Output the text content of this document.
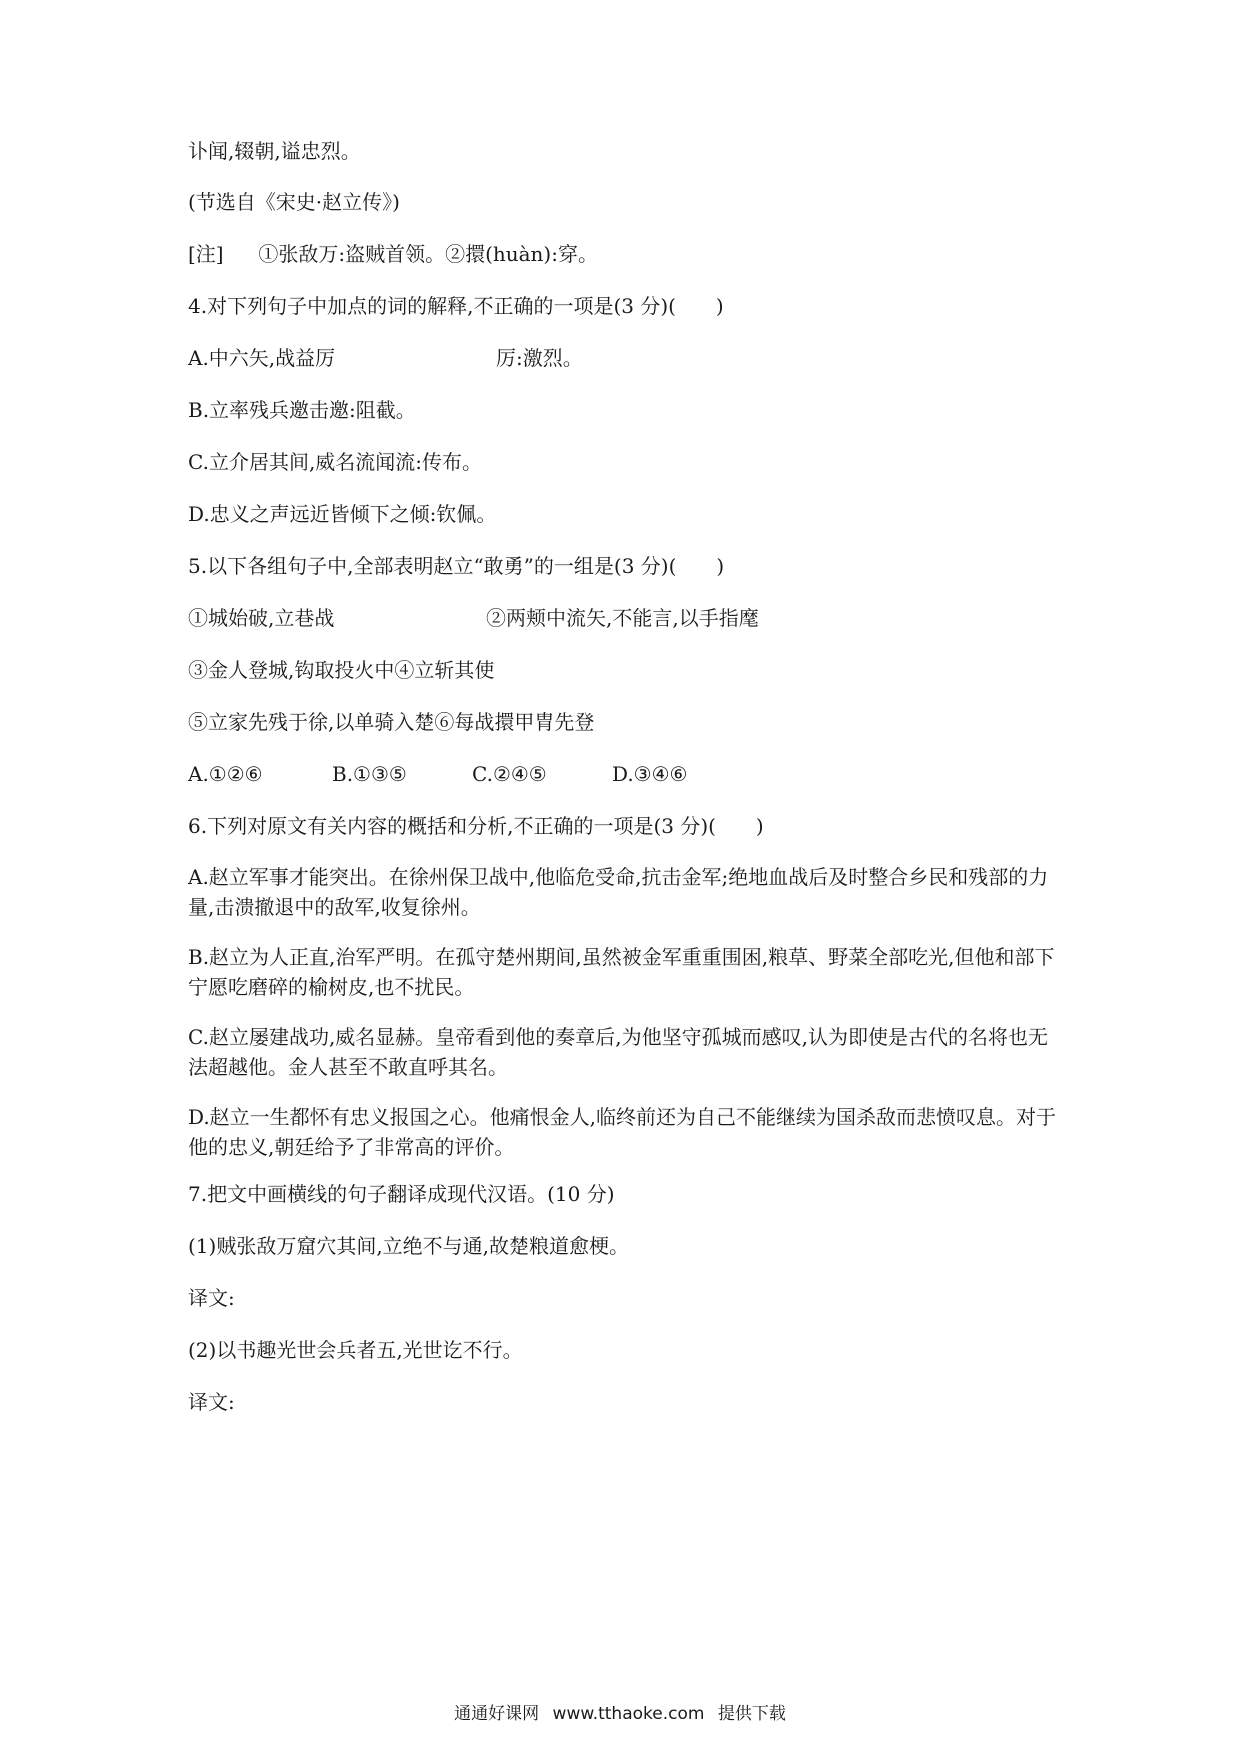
讣闻,辍朝,谥忠烈。
(节选自《宋史·赵立传》)
[注] ①张敌万:盗贼首领。②擐(huàn):穿。
4.对下列句子中加点的词的解释,不正确的一项是(3 分)(　　)
A.中六矢,战益厉	厉:激烈。
B.立率残兵邀击邀:阻截。
C.立介居其间,威名流闻流:传布。
D.忠义之声远近皆倾下之倾:钦佩。
5.以下各组句子中,全部表明赵立“敢勇”的一组是(3 分)(　　)
①城始破,立巷战	②两颊中流矢,不能言,以手指麾
③金人登城,钩取投火中④立斩其使
⑤立家先残于徐,以单骑入楚⑥每战擐甲胄先登
A.①②⑥	B.①③⑤	C.②④⑤	D.③④⑥
6.下列对原文有关内容的概括和分析,不正确的一项是(3 分)(　　)
A.赵立军事才能突出。在徐州保卫战中,他临危受命,抗击金军;绝地血战后及时整合乡民和残部的力量,击溃撤退中的敌军,收复徐州。
B.赵立为人正直,治军严明。在孤守楚州期间,虽然被金军重重围困,粮草、野菜全部吃光,但他和部下宁愿吃磨碎的榆树皮,也不扰民。
C.赵立屡建战功,威名显赫。皇帝看到他的奏章后,为他坚守孤城而感叹,认为即使是古代的名将也无法超越他。金人甚至不敢直呼其名。
D.赵立一生都怀有忠义报国之心。他痛恨金人,临终前还为自己不能继续为国杀敌而悲愤叹息。对于他的忠义,朝廷给予了非常高的评价。
7.把文中画横线的句子翻译成现代汉语。(10 分)
(1)贼张敌万窟穴其间,立绝不与通,故楚粮道愈梗。
译文:
(2)以书趣光世会兵者五,光世讫不行。
译文:
通通好课网 www.tthaoke.com 提供下载
